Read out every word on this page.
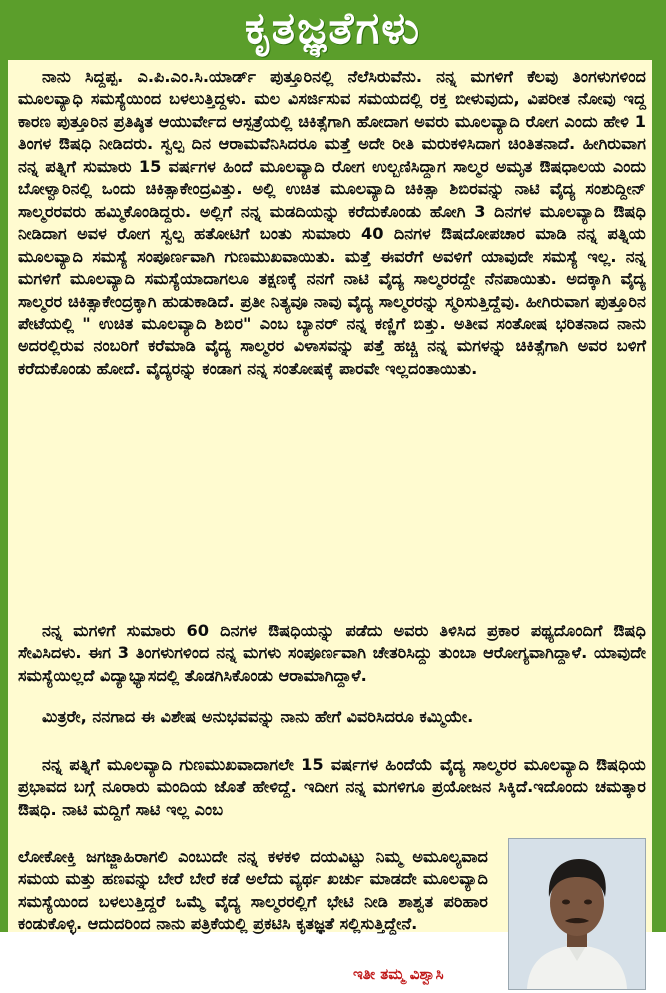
ಕೃತಜ್ಞತೆಗಳು

ನಾನು ಸಿದ್ದಪ್ಪ. ಎ.ಪಿ.ಎಂ.ಸಿ.ಯಾರ್ಡ್ ಪುತ್ತೂರಿನಲ್ಲಿ ನೆಲೆಸಿರುವೆನು. ನನ್ನ ಮಗಳಿಗೆ ಕೆಲವು ತಿಂಗಳುಗಳಿಂದ ಮೂಲವ್ಯಾಧಿ ಸಮಸ್ಯೆಯಿಂದ ಬಳಲುತ್ತಿದ್ದಳು. ಮಲ ವಿಸರ್ಜಿಸುವ ಸಮಯದಲ್ಲಿ ರಕ್ತ ಬೀಳುವುದು, ವಿಪರೀತ ನೋವು ಇದ್ದ ಕಾರಣ ಪುತ್ತೂರಿನ ಪ್ರತಿಷ್ಠಿತ ಆಯುರ್ವೇದ ಆಸ್ಪತ್ರೆಯಲ್ಲಿ ಚಿಕಿತ್ಸೆಗಾಗಿ ಹೋದಾಗ ಅವರು ಮೂಲವ್ಯಾದಿ ರೋಗ ಎಂದು ಹೇಳಿ 1 ತಿಂಗಳ ಔಷಧಿ ನೀಡಿದರು. ಸ್ವಲ್ಪ ದಿನ ಆರಾಮವೆನಿಸಿದರೂ ಮತ್ತೆ ಅದೇ ರೀತಿ ಮರುಕಳಿಸಿದಾಗ ಚಿಂತಿತನಾದೆ. ಹೀಗಿರುವಾಗ ನನ್ನ ಪತ್ನಿಗೆ ಸುಮಾರು 15 ವರ್ಷಗಳ ಹಿಂದೆ ಮೂಲವ್ಯಾದಿ ರೋಗ ಉಲ್ಬಣಿಸಿದ್ದಾಗ ಸಾಲ್ಮರ ಅಮೃತ ಔಷಧಾಲಯ ಎಂದು ಬೋಳ್ವಾರಿನಲ್ಲಿ ಒಂದು ಚಿಕಿತ್ಸಾಕೇಂದ್ರವಿತ್ತು. ಅಲ್ಲಿ ಉಚಿತ ಮೂಲವ್ಯಾದಿ ಚಿಕಿತ್ಸಾ ಶಿಬಿರವನ್ನು ನಾಟಿ ವೈದ್ಯ ಸಂಶುದ್ದೀನ್ ಸಾಲ್ಮರರವರು ಹಮ್ಮಿಕೊಂಡಿದ್ದರು. ಅಲ್ಲಿಗೆ ನನ್ನ ಮಡದಿಯನ್ನು ಕರೆದುಕೊಂಡು ಹೋಗಿ 3 ದಿನಗಳ ಮೂಲವ್ಯಾದಿ ಔಷಧಿ ನೀಡಿದಾಗ ಅವಳ ರೋಗ ಸ್ವಲ್ಪ ಹತೋಟಿಗೆ ಬಂತು ಸುಮಾರು 40 ದಿನಗಳ ಔಷದೋಪಚಾರ ಮಾಡಿ ನನ್ನ ಪತ್ನಿಯ ಮೂಲವ್ಯಾದಿ ಸಮಸ್ಯೆ ಸಂಪೂರ್ಣವಾಗಿ ಗುಣಮುಖವಾಯಿತು. ಮತ್ತೆ ಈವರೆಗೆ ಅವಳಿಗೆ ಯಾವುದೇ ಸಮಸ್ಯೆ ಇಲ್ಲ. ನನ್ನ ಮಗಳಿಗೆ ಮೂಲವ್ಯಾದಿ ಸಮಸ್ಯೆಯಾದಾಗಲೂ ತಕ್ಷಣಕ್ಕೆ ನನಗೆ ನಾಟಿ ವೈದ್ಯ ಸಾಲ್ಮರರದ್ದೇ ನೆನಪಾಯಿತು. ಅದಕ್ಕಾಗಿ ವೈದ್ಯ ಸಾಲ್ಮರರ ಚಿಕಿತ್ಸಾಕೇಂದ್ರಕ್ಕಾಗಿ ಹುಡುಕಾಡಿದೆ. ಪ್ರತೀ ನಿತ್ಯವೂ ನಾವು ವೈದ್ಯ ಸಾಲ್ಮರರನ್ನು ಸ್ಮರಿಸುತ್ತಿದ್ದೆವು. ಹೀಗಿರುವಾಗ ಪುತ್ತೂರಿನ ಪೇಟೆಯಲ್ಲಿ " ಉಚಿತ ಮೂಲವ್ಯಾದಿ ಶಿಬಿರ" ಎಂಬ ಬ್ಯಾನರ್ ನನ್ನ ಕಣ್ಣಿಗೆ ಬಿತ್ತು. ಅತೀವ ಸಂತೋಷ ಭರಿತನಾದ ನಾನು ಅದರಲ್ಲಿರುವ ನಂಬರಿಗೆ ಕರೆಮಾಡಿ ವೈದ್ಯ ಸಾಲ್ಮರರ ವಿಳಾಸವನ್ನು ಪತ್ತೆ ಹಚ್ಚಿ ನನ್ನ ಮಗಳನ್ನು ಚಿಕಿತ್ಸೆಗಾಗಿ ಅವರ ಬಳಿಗೆ ಕರೆದುಕೊಂಡು ಹೋದೆ. ವೈದ್ಯರನ್ನು ಕಂಡಾಗ ನನ್ನ ಸಂತೋಷಕ್ಕೆ ಪಾರವೇ ಇಲ್ಲದಂತಾಯಿತು.

ನನ್ನ ಮಗಳಿಗೆ ಸುಮಾರು 60 ದಿನಗಳ ಔಷಧಿಯನ್ನು ಪಡೆದು ಅವರು ತಿಳಿಸಿದ ಪ್ರಕಾರ ಪಥ್ಯದೊಂದಿಗೆ ಔಷಧಿ ಸೇವಿಸಿದಳು. ಈಗ 3 ತಿಂಗಳುಗಳಿಂದ ನನ್ನ ಮಗಳು ಸಂಪೂರ್ಣವಾಗಿ ಚೇತರಿಸಿದ್ದು ತುಂಬಾ ಆರೋಗ್ಯವಾಗಿದ್ದಾಳೆ. ಯಾವುದೇ ಸಮಸ್ಯೆಯಿಲ್ಲದೆ ವಿದ್ಯಾಭ್ಯಾಸದಲ್ಲಿ ತೊಡಗಿಸಿಕೊಂಡು ಆರಾಮಾಗಿದ್ದಾಳೆ.

ಮಿತ್ರರೇ, ನನಗಾದ ಈ ವಿಶೇಷ ಅನುಭವವನ್ನು ನಾನು ಹೇಗೆ ವಿವರಿಸಿದರೂ ಕಮ್ಮಿಯೇ.

ನನ್ನ ಪತ್ನಿಗೆ ಮೂಲವ್ಯಾದಿ ಗುಣಮುಖವಾದಾಗಲೇ 15 ವರ್ಷಗಳ ಹಿಂದೆಯೆ ವೈದ್ಯ ಸಾಲ್ಮರರ ಮೂಲವ್ಯಾದಿ ಔಷಧಿಯ ಪ್ರಭಾವದ ಬಗ್ಗೆ ನೂರಾರು ಮಂದಿಯ ಜೊತೆ ಹೇಳಿದ್ದೆ. ಇದೀಗ ನನ್ನ ಮಗಳಿಗೂ ಪ್ರಯೋಜನ ಸಿಕ್ಕಿದೆ.ಇದೊಂದು ಚಮತ್ಕಾರ ಔಷಧಿ. ನಾಟಿ ಮದ್ದಿಗೆ ಸಾಟಿ ಇಲ್ಲ ಎಂಬ

ಲೋಕೋಕ್ತಿ ಜಗಜ್ಜಾಹಿರಾಗಲಿ ಎಂಬುದೇ ನನ್ನ ಕಳಕಳಿ ದಯವಿಟ್ಟು ನಿಮ್ಮ ಅಮೂಲ್ಯವಾದ ಸಮಯ ಮತ್ತು ಹಣವನ್ನು ಬೇರೆ ಬೇರೆ ಕಡೆ ಅಲೆದು ವ್ಯರ್ಥ ಖರ್ಚು ಮಾಡದೇ ಮೂಲವ್ಯಾದಿ ಸಮಸ್ಯೆಯಿಂದ ಬಳಲುತ್ತಿದ್ದರೆ ಒಮ್ಮೆ ವೈದ್ಯ ಸಾಲ್ಮರರಲ್ಲಿಗೆ ಭೇಟಿ ನೀಡಿ ಶಾಶ್ವತ ಪರಿಹಾರ ಕಂಡುಕೊಳ್ಳಿ. ಆದುದರಿಂದ ನಾನು ಪತ್ರಿಕೆಯಲ್ಲಿ ಪ್ರಕಟಿಸಿ ಕೃತಜ್ಞತೆ ಸಲ್ಲಿಸುತ್ತಿದ್ದೇನೆ.

ಇತೀ ತಮ್ಮ ವಿಶ್ವಾಸಿ
